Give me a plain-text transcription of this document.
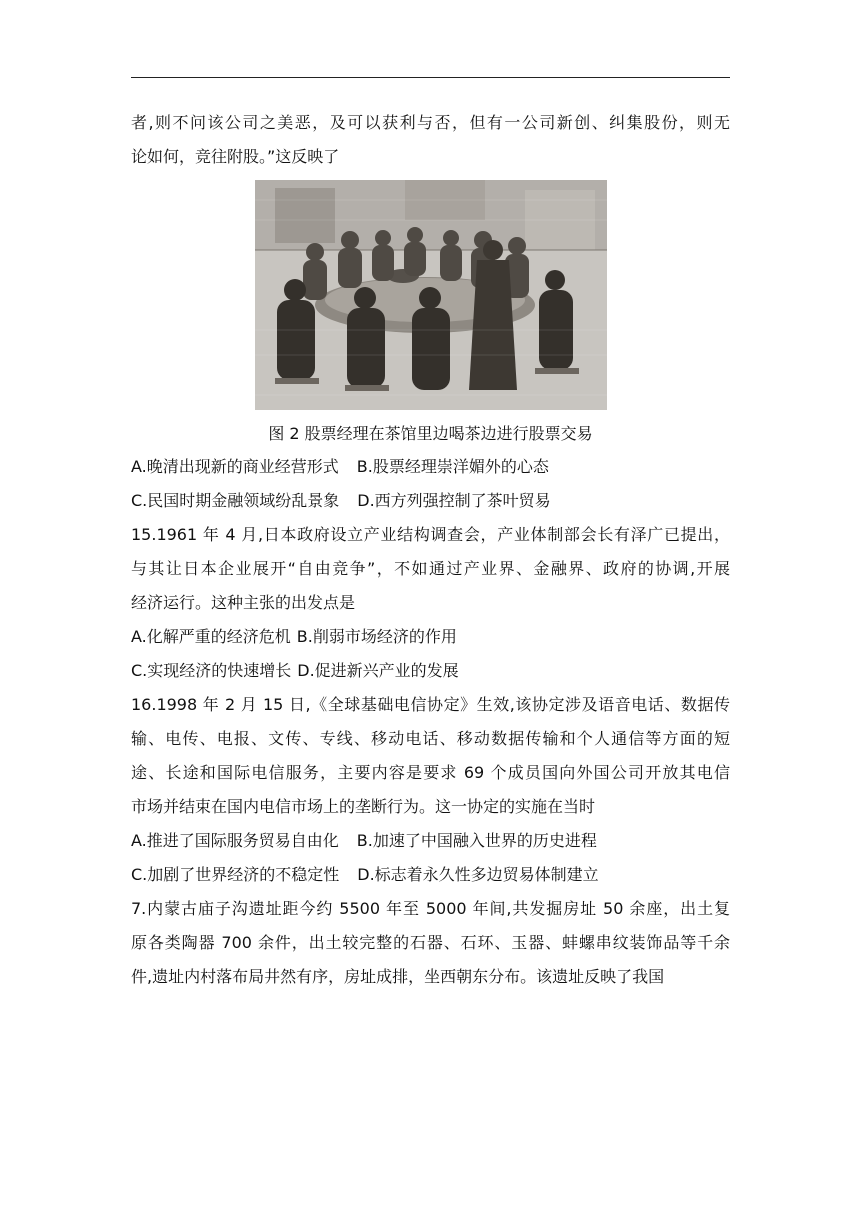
者,则不问该公司之美恶，及可以获利与否，但有一公司新创、纠集股份，则无
论如何，竞往附股。”这反映了
图 2 股票经理在茶馆里边喝茶边进行股票交易
A.晚清出现新的商业经营形式 B.股票经理崇洋媚外的心态
C.民国时期金融领域纷乱景象 D.西方列强控制了茶叶贸易
15.1961 年 4 月,日本政府设立产业结构调查会，产业体制部会长有泽广已提出，
与其让日本企业展开“自由竞争”，不如通过产业界、金融界、政府的协调,开展
经济运行。这种主张的出发点是
A.化解严重的经济危机 B.削弱市场经济的作用
C.实现经济的快速增长 D.促进新兴产业的发展
16.1998 年 2 月 15 日,《全球基础电信协定》生效,该协定涉及语音电话、数据传
输、电传、电报、文传、专线、移动电话、移动数据传输和个人通信等方面的短
途、长途和国际电信服务，主要内容是要求 69 个成员国向外国公司开放其电信
市场并结束在国内电信市场上的垄断行为。这一协定的实施在当时
A.推进了国际服务贸易自由化 B.加速了中国融入世界的历史进程
C.加剧了世界经济的不稳定性 D.标志着永久性多边贸易体制建立
7.内蒙古庙子沟遗址距今约 5500 年至 5000 年间,共发掘房址 50 余座，出土复
原各类陶器 700 余件，出土较完整的石器、石环、玉器、蚌螺串纹装饰品等千余
件,遗址内村落布局井然有序，房址成排，坐西朝东分布。该遗址反映了我国
